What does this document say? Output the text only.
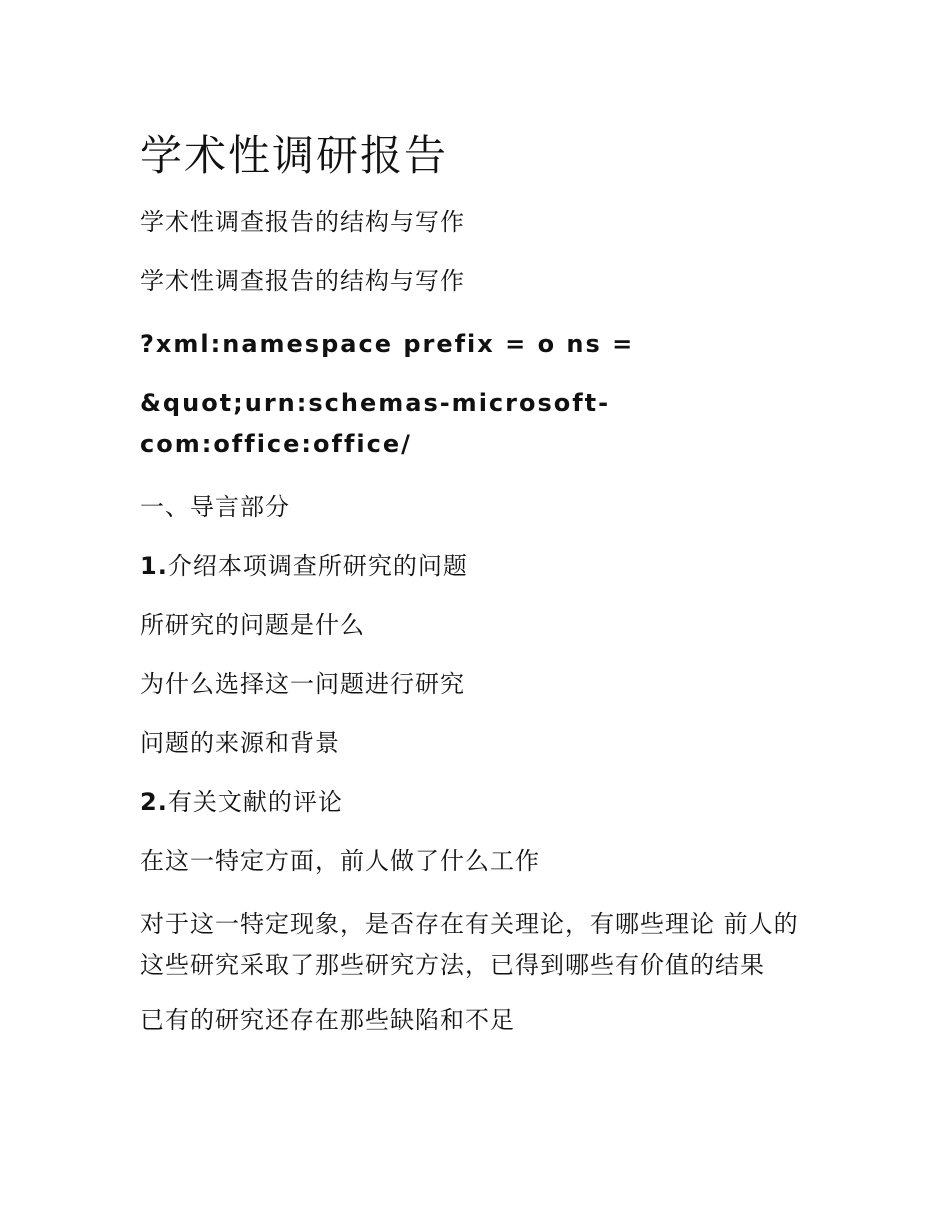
学术性调研报告

学术性调查报告的结构与写作

学术性调查报告的结构与写作

?xml:namespace prefix = o ns =

&quot;urn:schemas-microsoft-com:office:office/

一、导言部分

1.介绍本项调查所研究的问题

所研究的问题是什么

为什么选择这一问题进行研究

问题的来源和背景

2.有关文献的评论

在这一特定方面，前人做了什么工作

对于这一特定现象，是否存在有关理论，有哪些理论 前人的这些研究采取了那些研究方法，已得到哪些有价值的结果

已有的研究还存在那些缺陷和不足
